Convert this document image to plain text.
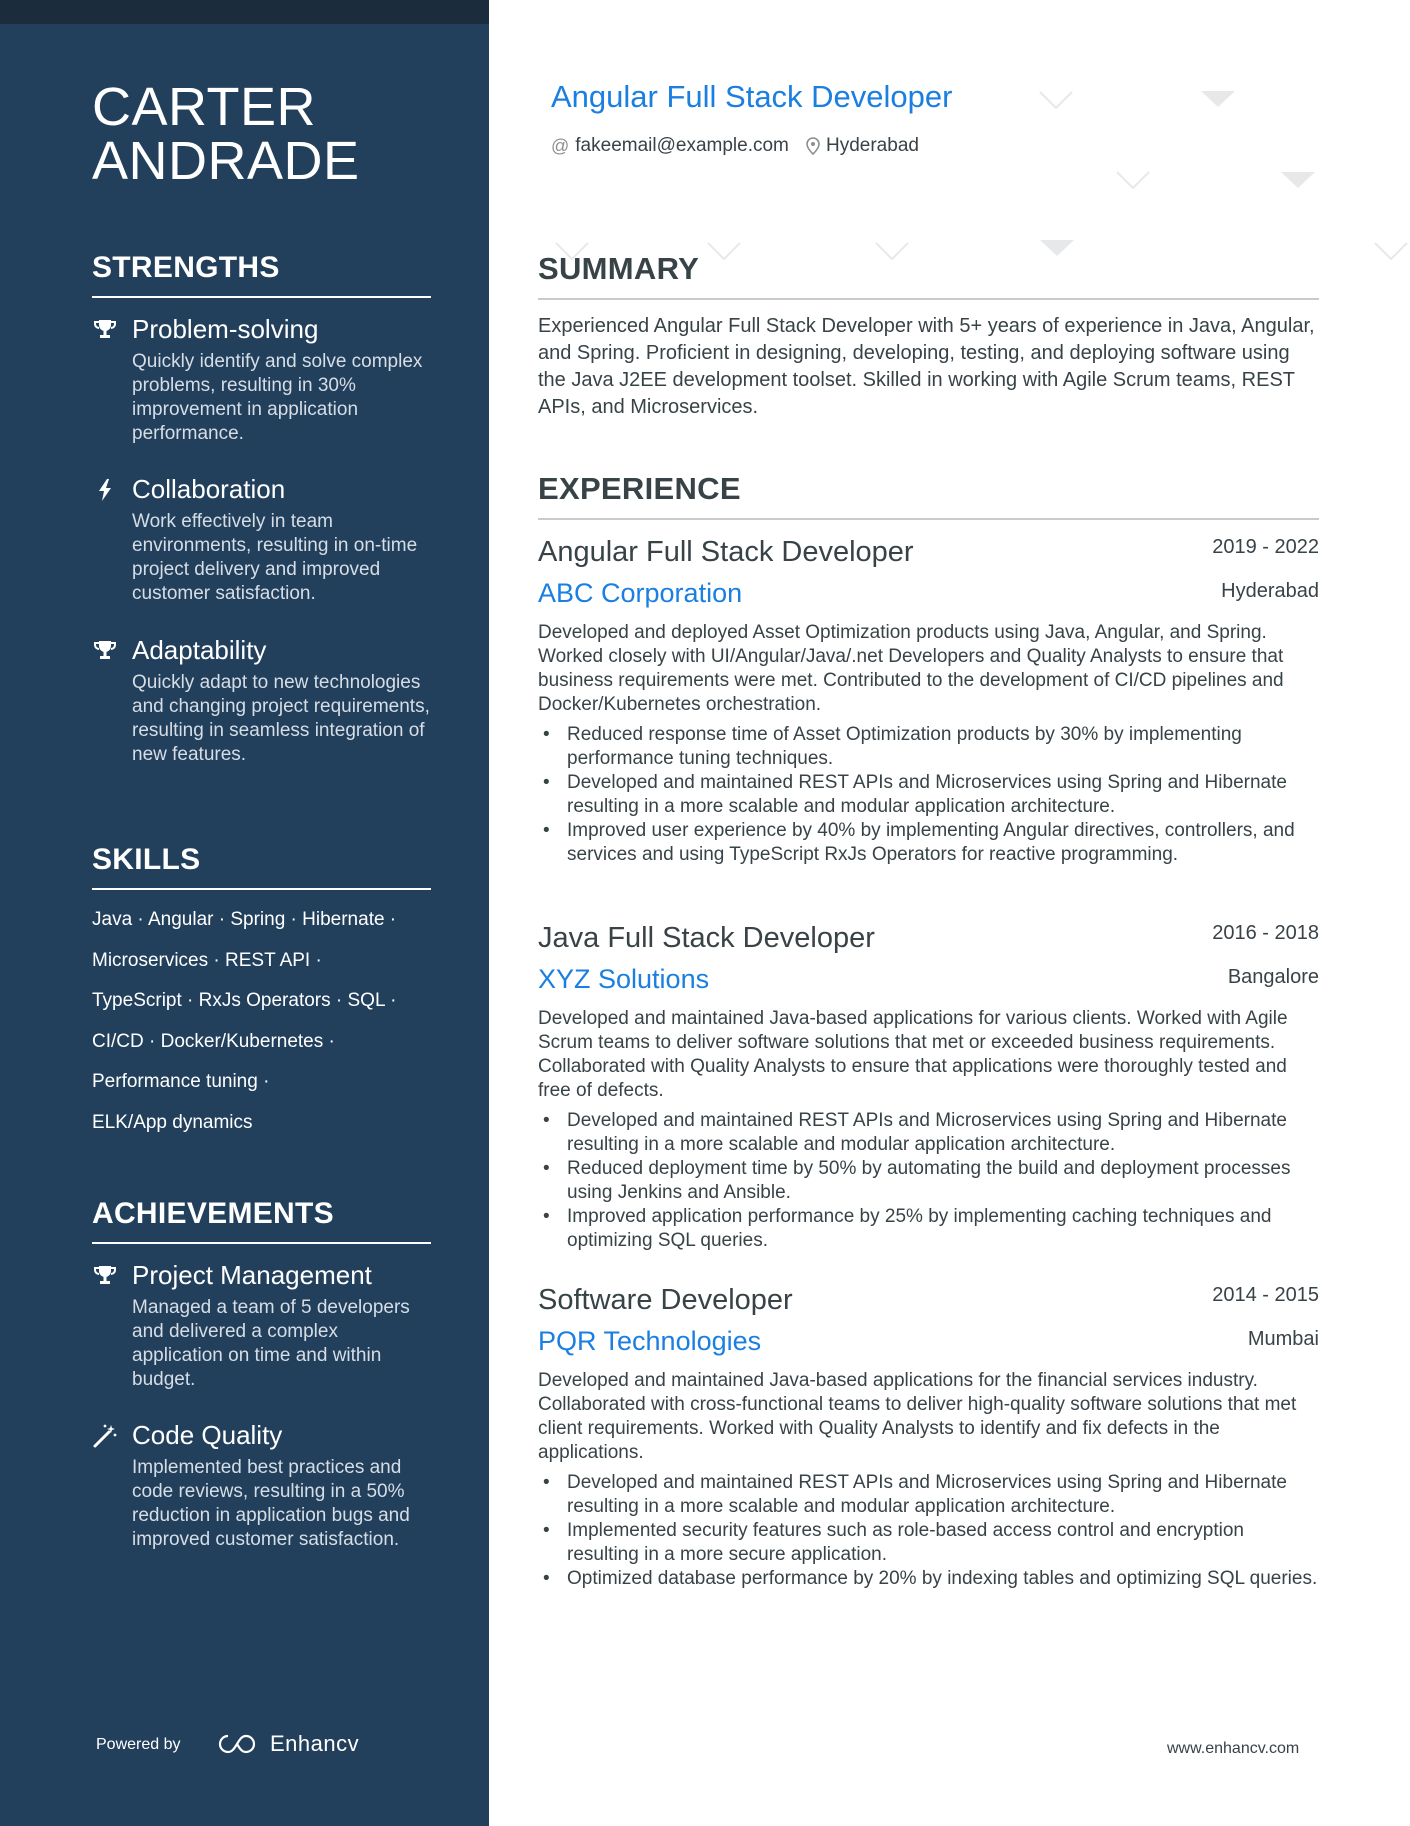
CARTER
ANDRADE
STRENGTHS
Problem-solving
Quickly identify and solve complex problems, resulting in 30% improvement in application performance.
Collaboration
Work effectively in team environments, resulting in on-time project delivery and improved customer satisfaction.
Adaptability
Quickly adapt to new technologies and changing project requirements, resulting in seamless integration of new features.
SKILLS
Java · Angular · Spring · Hibernate ·
Microservices · REST API ·
TypeScript · RxJs Operators · SQL ·
CI/CD · Docker/Kubernetes ·
Performance tuning ·
ELK/App dynamics
ACHIEVEMENTS
Project Management
Managed a team of 5 developers and delivered a complex application on time and within budget.
Code Quality
Implemented best practices and code reviews, resulting in a 50% reduction in application bugs and improved customer satisfaction.
Powered by	Enhancv
Angular Full Stack Developer
@ fakeemail@example.com Hyderabad
SUMMARY

Experienced Angular Full Stack Developer with 5+ years of experience in Java, Angular, and Spring. Proficient in designing, developing, testing, and deploying software using the Java J2EE development toolset. Skilled in working with Agile Scrum teams, REST APIs, and Microservices.

EXPERIENCE
Angular Full Stack Developer	2019 - 2022
ABC Corporation	Hyderabad
Developed and deployed Asset Optimization products using Java, Angular, and Spring. Worked closely with UI/Angular/Java/.net Developers and Quality Analysts to ensure that business requirements were met. Contributed to the development of CI/CD pipelines and Docker/Kubernetes orchestration.
• Reduced response time of Asset Optimization products by 30% by implementing performance tuning techniques.
• Developed and maintained REST APIs and Microservices using Spring and Hibernate resulting in a more scalable and modular application architecture.
• Improved user experience by 40% by implementing Angular directives, controllers, and services and using TypeScript RxJs Operators for reactive programming.
Java Full Stack Developer	2016 - 2018
XYZ Solutions	Bangalore
Developed and maintained Java-based applications for various clients. Worked with Agile Scrum teams to deliver software solutions that met or exceeded business requirements. Collaborated with Quality Analysts to ensure that applications were thoroughly tested and free of defects.
• Developed and maintained REST APIs and Microservices using Spring and Hibernate resulting in a more scalable and modular application architecture.
• Reduced deployment time by 50% by automating the build and deployment processes using Jenkins and Ansible.
• Improved application performance by 25% by implementing caching techniques and optimizing SQL queries.
Software Developer	2014 - 2015
PQR Technologies	Mumbai
Developed and maintained Java-based applications for the financial services industry. Collaborated with cross-functional teams to deliver high-quality software solutions that met client requirements. Worked with Quality Analysts to identify and fix defects in the applications.
• Developed and maintained REST APIs and Microservices using Spring and Hibernate resulting in a more scalable and modular application architecture.
• Implemented security features such as role-based access control and encryption resulting in a more secure application.
• Optimized database performance by 20% by indexing tables and optimizing SQL queries.
www.enhancv.com
